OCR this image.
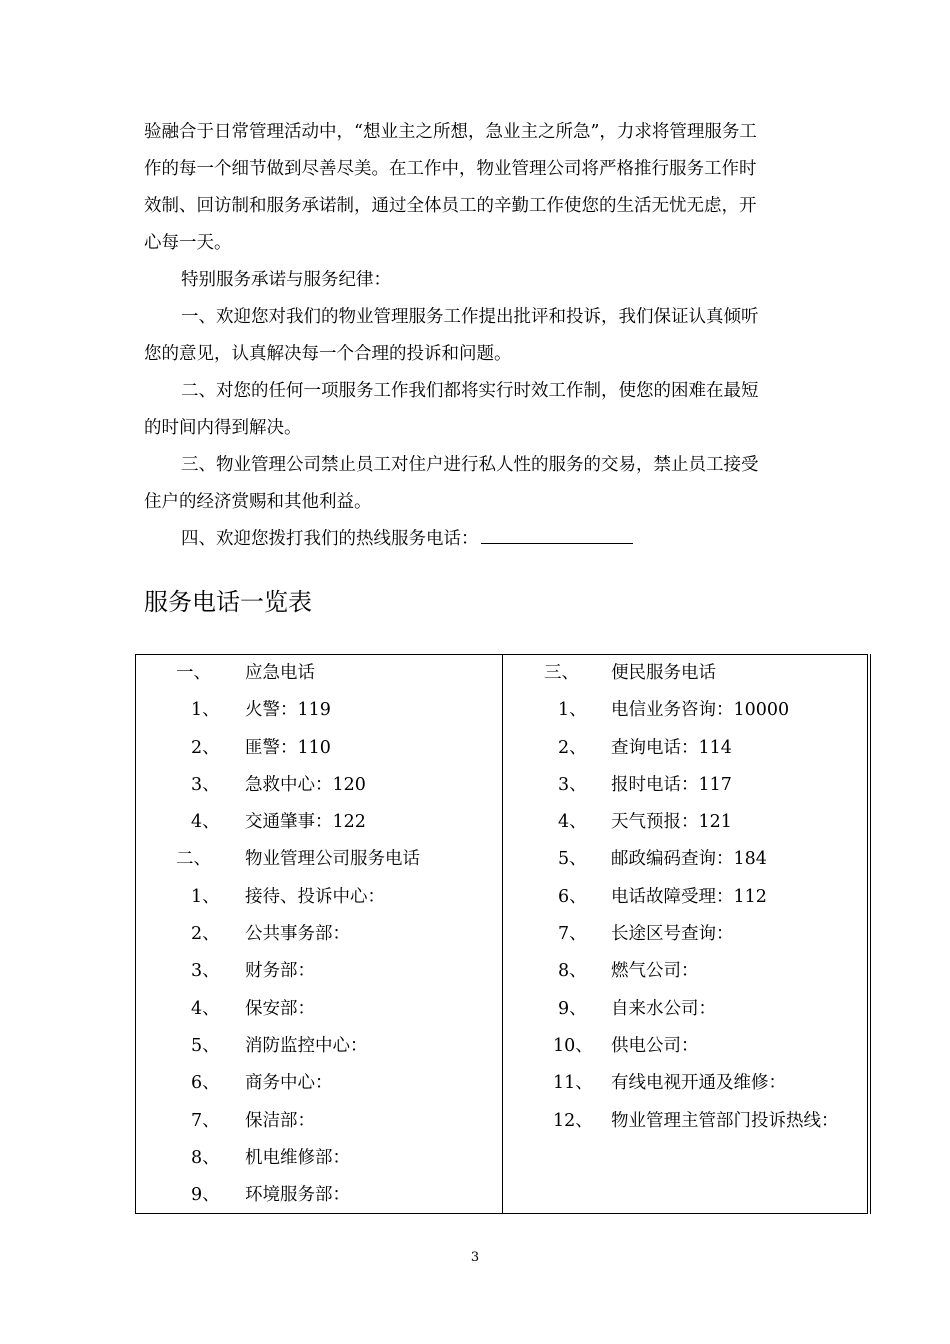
验融合于日常管理活动中，“想业主之所想，急业主之所急”，力求将管理服务工
作的每一个细节做到尽善尽美。在工作中，物业管理公司将严格推行服务工作时
效制、回访制和服务承诺制，通过全体员工的辛勤工作使您的生活无忧无虑，开
心每一天。
特别服务承诺与服务纪律：
一、欢迎您对我们的物业管理服务工作提出批评和投诉，我们保证认真倾听
您的意见，认真解决每一个合理的投诉和问题。
二、对您的任何一项服务工作我们都将实行时效工作制，使您的困难在最短
的时间内得到解决。
三、物业管理公司禁止员工对住户进行私人性的服务的交易，禁止员工接受
住户的经济赏赐和其他利益。
四、欢迎您拨打我们的热线服务电话：
服务电话一览表
一、 应急电话
1、 火警：119
2、 匪警：110
3、 急救中心：120
4、 交通肇事：122
二、 物业管理公司服务电话
1、 接待、投诉中心：
2、 公共事务部：
3、 财务部：
4、 保安部：
5、 消防监控中心：
6、 商务中心：
7、 保洁部：
8、 机电维修部：
9、 环境服务部：
三、 便民服务电话
1、 电信业务咨询：10000
2、 查询电话：114
3、 报时电话：117
4、 天气预报：121
5、 邮政编码查询：184
6、 电话故障受理：112
7、 长途区号查询：
8、 燃气公司：
9、 自来水公司：
10、 供电公司：
11、 有线电视开通及维修：
12、 物业管理主管部门投诉热线：
3
